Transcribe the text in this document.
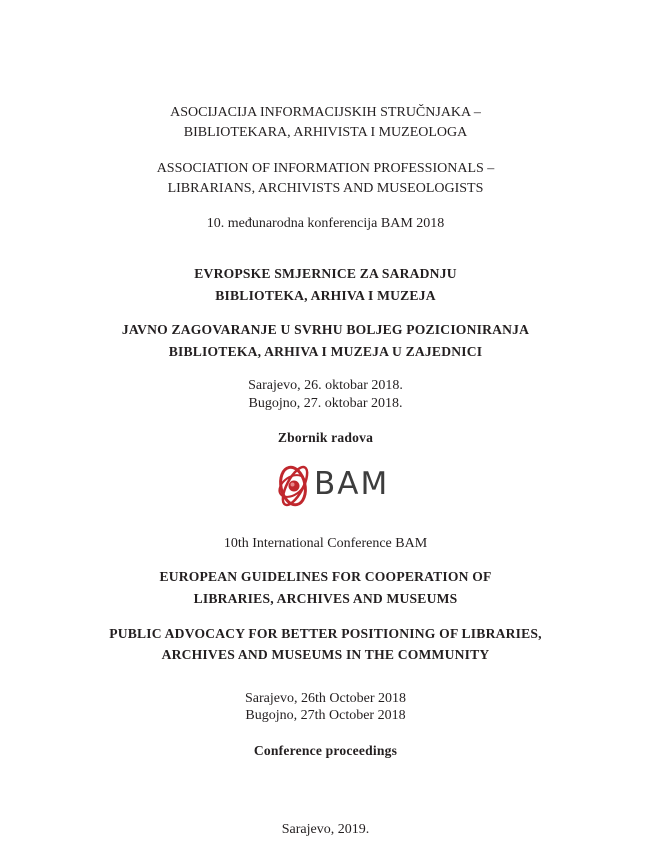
ASOCIJACIJA INFORMACIJSKIH STRUČNJAKA –
BIBLIOTEKARA, ARHIVISTA I MUZEOLOGA
ASSOCIATION OF INFORMATION PROFESSIONALS –
LIBRARIANS, ARCHIVISTS AND MUSEOLOGISTS
10. međunarodna konferencija BAM 2018
EVROPSKE SMJERNICE ZA SARADNJU
BIBLIOTEKA, ARHIVA I MUZEJA
JAVNO ZAGOVARANJE U SVRHU BOLJEG POZICIONIRANJA
BIBLIOTEKA, ARHIVA I MUZEJA U ZAJEDNICI
Sarajevo, 26. oktobar 2018.
Bugojno, 27. oktobar 2018.
Zbornik radova
BAM
10th International Conference BAM
EUROPEAN GUIDELINES FOR COOPERATION OF
LIBRARIES, ARCHIVES AND MUSEUMS
PUBLIC ADVOCACY FOR BETTER POSITIONING OF LIBRARIES,
ARCHIVES AND MUSEUMS IN THE COMMUNITY
Sarajevo, 26th October 2018
Bugojno, 27th October 2018
Conference proceedings
Sarajevo, 2019.
